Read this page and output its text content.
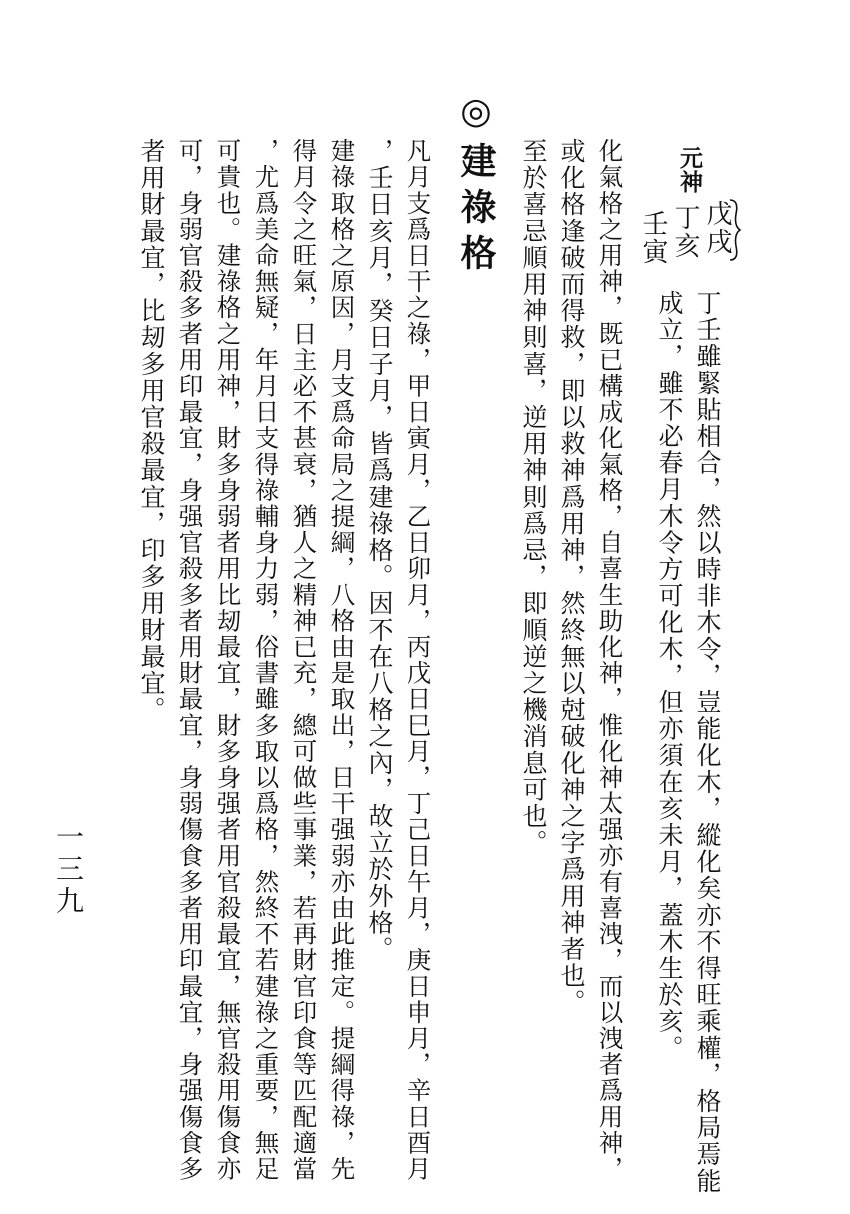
戊戌
丁亥
元神
壬寅
丁壬雖緊貼相合，然以時非木令，豈能化木，縱化矣亦不得旺乘權，格局焉能
成立，雖不必春月木令方可化木，但亦須在亥未月，蓋木生於亥。
化氣格之用神，既已構成化氣格，自喜生助化神，惟化神太强亦有喜洩，而以洩者爲用神，
或化格逢破而得救，即以救神爲用神，然終無以尅破化神之字爲用神者也。
至於喜忌順用神則喜，逆用神則爲忌，即順逆之機消息可也。
◎建祿格
凡月支爲日干之祿，甲日寅月，乙日卯月，丙戊日巳月，丁己日午月，庚日申月，辛日酉月
，壬日亥月，癸日子月，皆爲建祿格。因不在八格之內，故立於外格。
建祿取格之原因，月支爲命局之提綱，八格由是取出，日干强弱亦由此推定。提綱得祿，先
得月令之旺氣，日主必不甚衰，猶人之精神已充，總可做些事業，若再財官印食等匹配適當
，尤爲美命無疑，年月日支得祿輔身力弱，俗書雖多取以爲格，然終不若建祿之重要，無足
可貴也。建祿格之用神，財多身弱者用比刼最宜，財多身强者用官殺最宜，無官殺用傷食亦
可，身弱官殺多者用印最宜，身强官殺多者用財最宜，身弱傷食多者用印最宜，身强傷食多
者用財最宜，比刼多用官殺最宜，印多用財最宜。
一三九
